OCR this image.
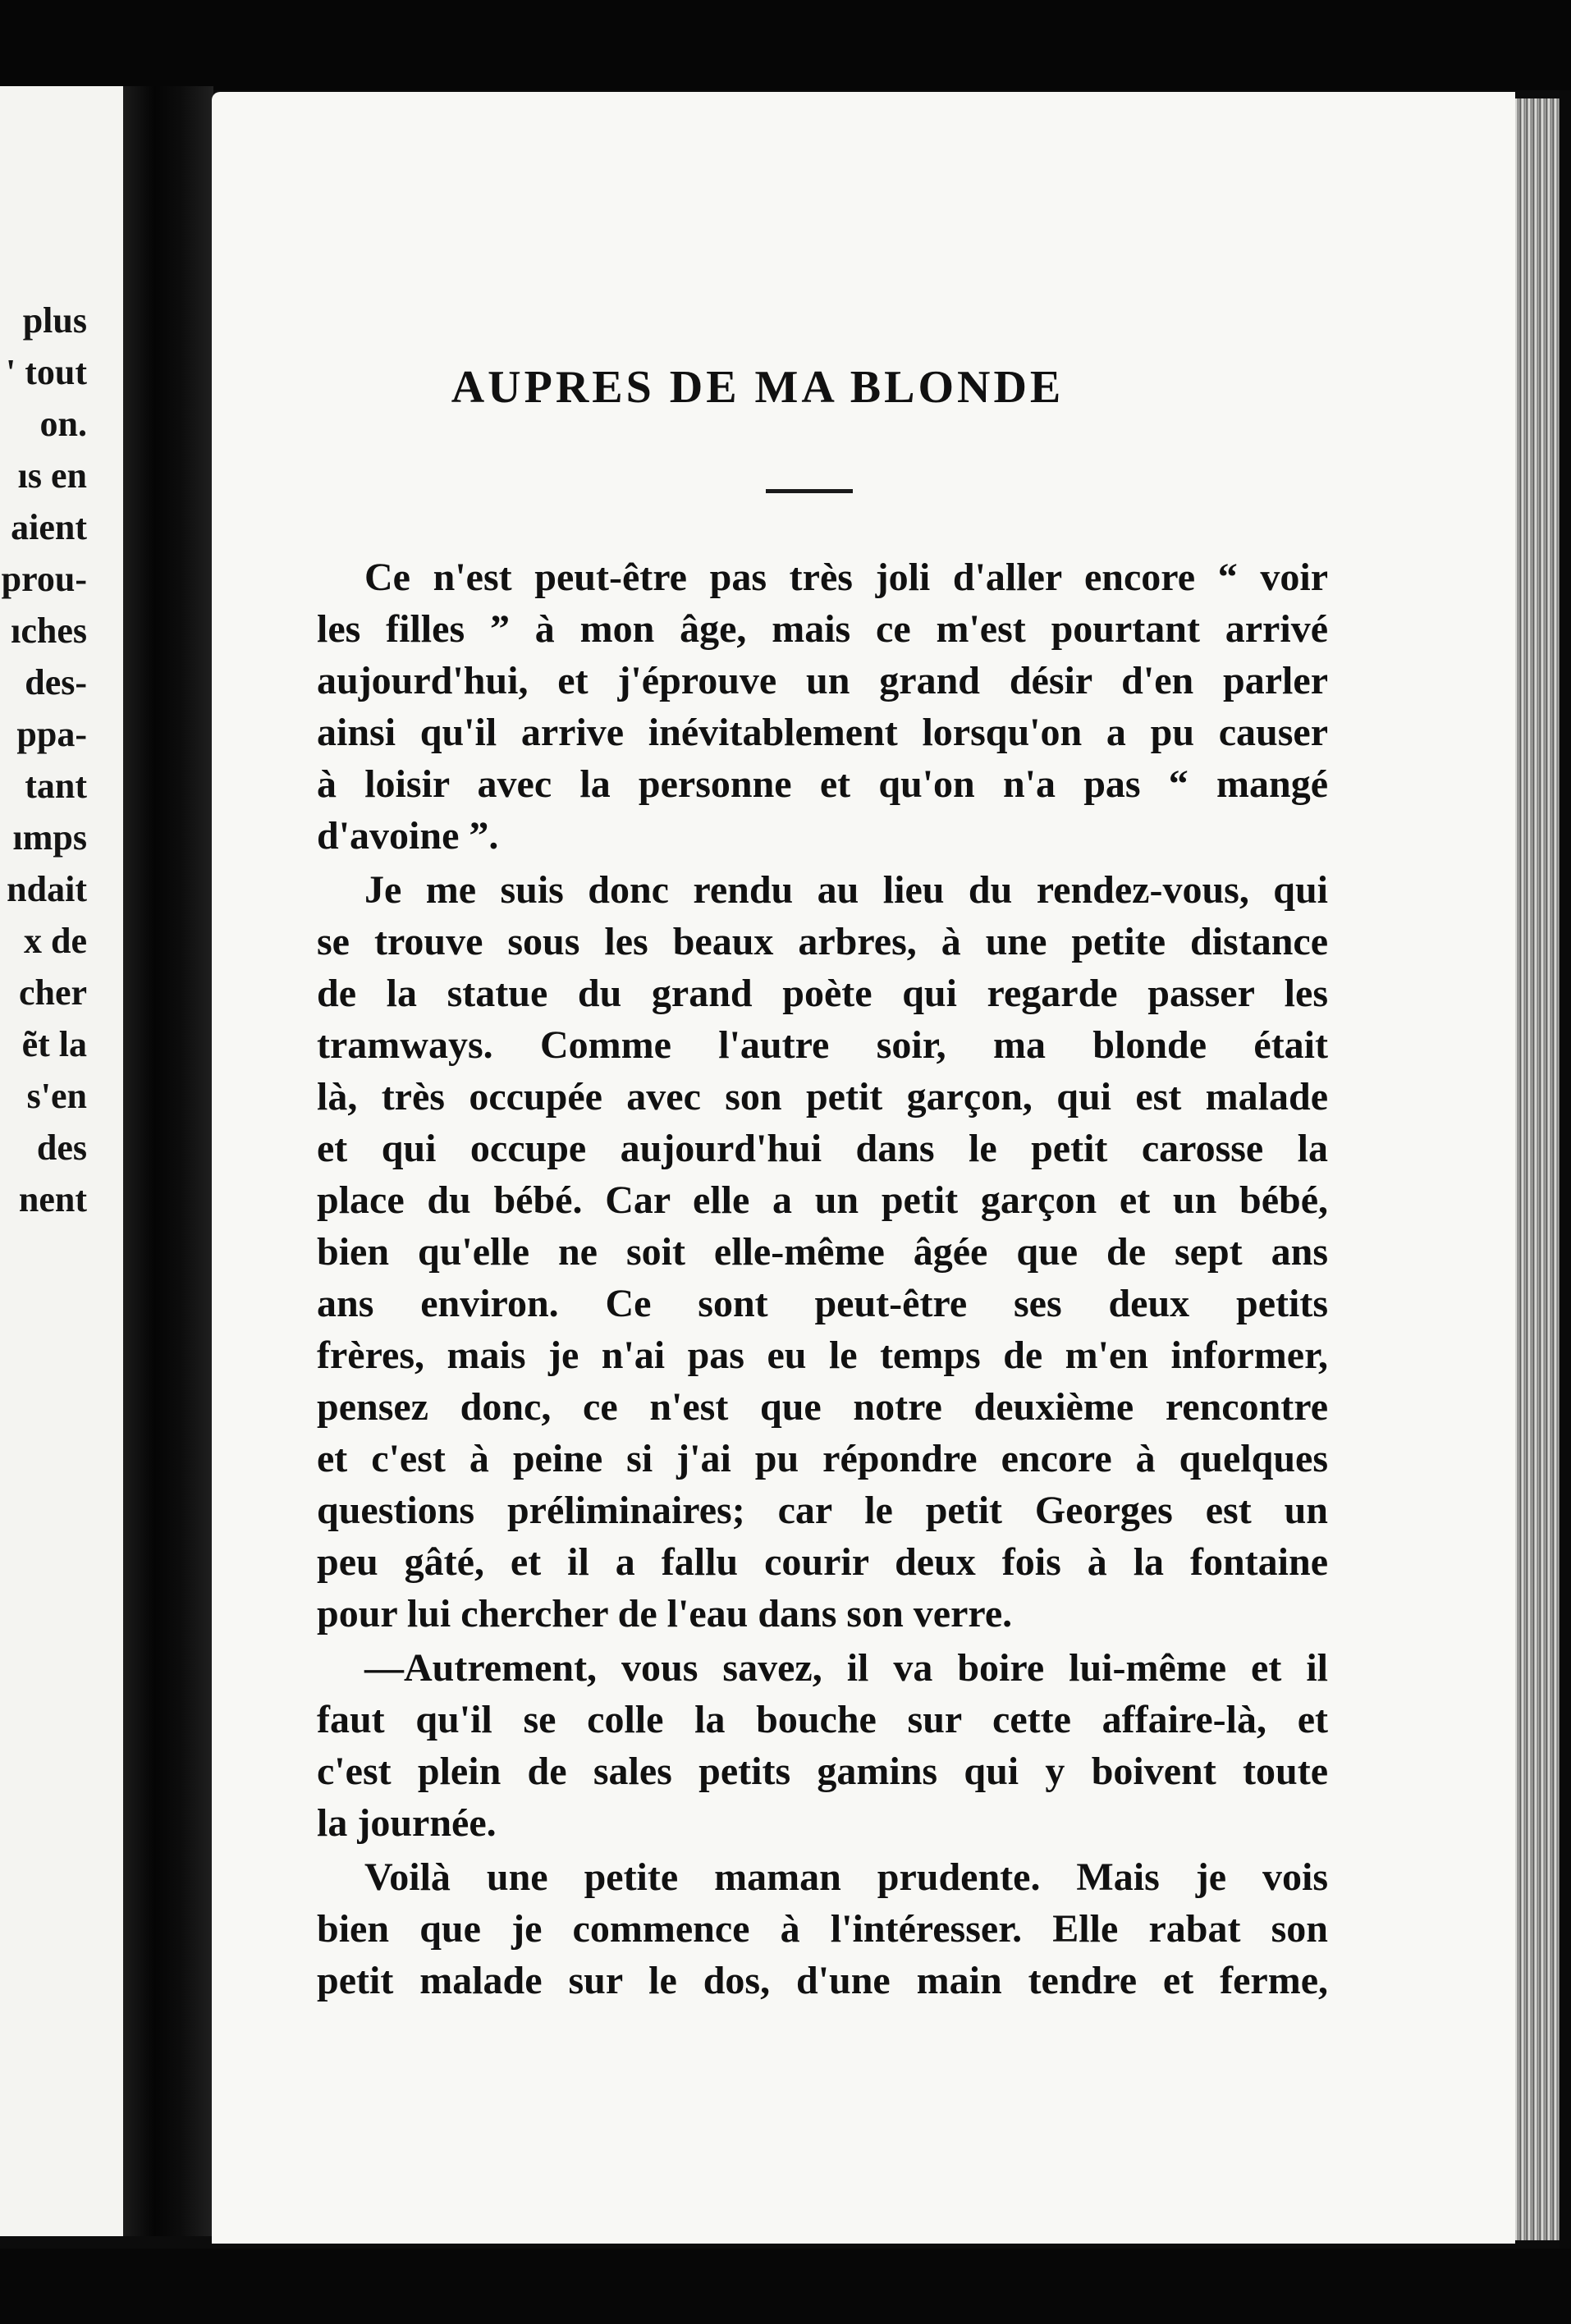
plus
' tout
on.
ıs en
aient
prou-
ıches
des-
ppa-
tant
ımps
ndait
x de
cher
ẽt la
s'en
des
nent
AUPRES DE MA BLONDE
Ce n'est peut-être pas très joli d'aller encore “ voir
les filles ” à mon âge, mais ce m'est pourtant arrivé
aujourd'hui, et j'éprouve un grand désir d'en parler
ainsi qu'il arrive inévitablement lorsqu'on a pu causer
à loisir avec la personne et qu'on n'a pas “ mangé
d'avoine ”.
Je me suis donc rendu au lieu du rendez-vous, qui
se trouve sous les beaux arbres, à une petite distance
de la statue du grand poète qui regarde passer les
tramways. Comme l'autre soir, ma blonde était
là, très occupée avec son petit garçon, qui est malade
et qui occupe aujourd'hui dans le petit carosse la
place du bébé. Car elle a un petit garçon et un bébé,
bien qu'elle ne soit elle-même âgée que de sept ans
ans environ. Ce sont peut-être ses deux petits
frères, mais je n'ai pas eu le temps de m'en informer,
pensez donc, ce n'est que notre deuxième rencontre
et c'est à peine si j'ai pu répondre encore à quelques
questions préliminaires; car le petit Georges est un
peu gâté, et il a fallu courir deux fois à la fontaine
pour lui chercher de l'eau dans son verre.
—Autrement, vous savez, il va boire lui-même et il
faut qu'il se colle la bouche sur cette affaire-là, et
c'est plein de sales petits gamins qui y boivent toute
la journée.
Voilà une petite maman prudente. Mais je vois
bien que je commence à l'intéresser. Elle rabat son
petit malade sur le dos, d'une main tendre et ferme,
